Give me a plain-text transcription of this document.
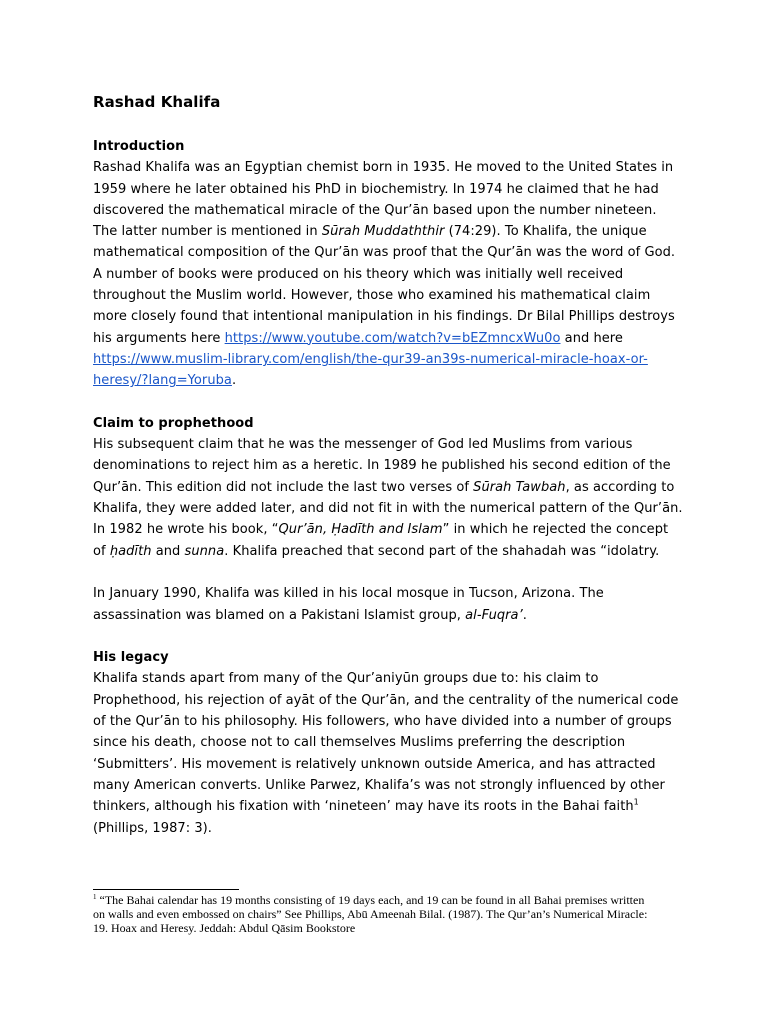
Rashad Khalifa
Introduction

Rashad Khalifa was an Egyptian chemist born in 1935. He moved to the United States in 1959 where he later obtained his PhD in biochemistry. In 1974 he claimed that he had discovered the mathematical miracle of the Qur’ān based upon the number nineteen. The latter number is mentioned in Sūrah Muddaththir (74:29). To Khalifa, the unique mathematical composition of the Qur’ān was proof that the Qur’ān was the word of God. A number of books were produced on his theory which was initially well received throughout the Muslim world. However, those who examined his mathematical claim more closely found that intentional manipulation in his findings. Dr Bilal Phillips destroys his arguments here https://www.youtube.com/watch?v=bEZmncxWu0o and here https://www.muslim-library.com/english/the-qur39-an39s-numerical-miracle-hoax-or-heresy/?lang=Yoruba.

Claim to prophethood

His subsequent claim that he was the messenger of God led Muslims from various denominations to reject him as a heretic. In 1989 he published his second edition of the Qur’ān. This edition did not include the last two verses of Sūrah Tawbah, as according to Khalifa, they were added later, and did not fit in with the numerical pattern of the Qur’ān. In 1982 he wrote his book, “Qur’ān, Ḥadīth and Islam” in which he rejected the concept of ḥadīth and sunna. Khalifa preached that second part of the shahadah was “idolatry.

In January 1990, Khalifa was killed in his local mosque in Tucson, Arizona. The assassination was blamed on a Pakistani Islamist group, al-Fuqra’.

His legacy

Khalifa stands apart from many of the Qur’aniyūn groups due to: his claim to Prophethood, his rejection of ayāt of the Qur’ān, and the centrality of the numerical code of the Qur’ān to his philosophy. His followers, who have divided into a number of groups since his death, choose not to call themselves Muslims preferring the description ‘Submitters’. His movement is relatively unknown outside America, and has attracted many American converts. Unlike Parwez, Khalifa’s was not strongly influenced by other thinkers, although his fixation with ‘nineteen’ may have its roots in the Bahai faith$^1$ (Phillips, 1987: 3).

$^1$ “The Bahai calendar has 19 months consisting of 19 days each, and 19 can be found in all Bahai premises written on walls and even embossed on chairs” See Phillips, Abū Ameenah Bilal. (1987). The Qur’an’s Numerical Miracle: 19. Hoax and Heresy. Jeddah: Abdul Qāsim Bookstore
